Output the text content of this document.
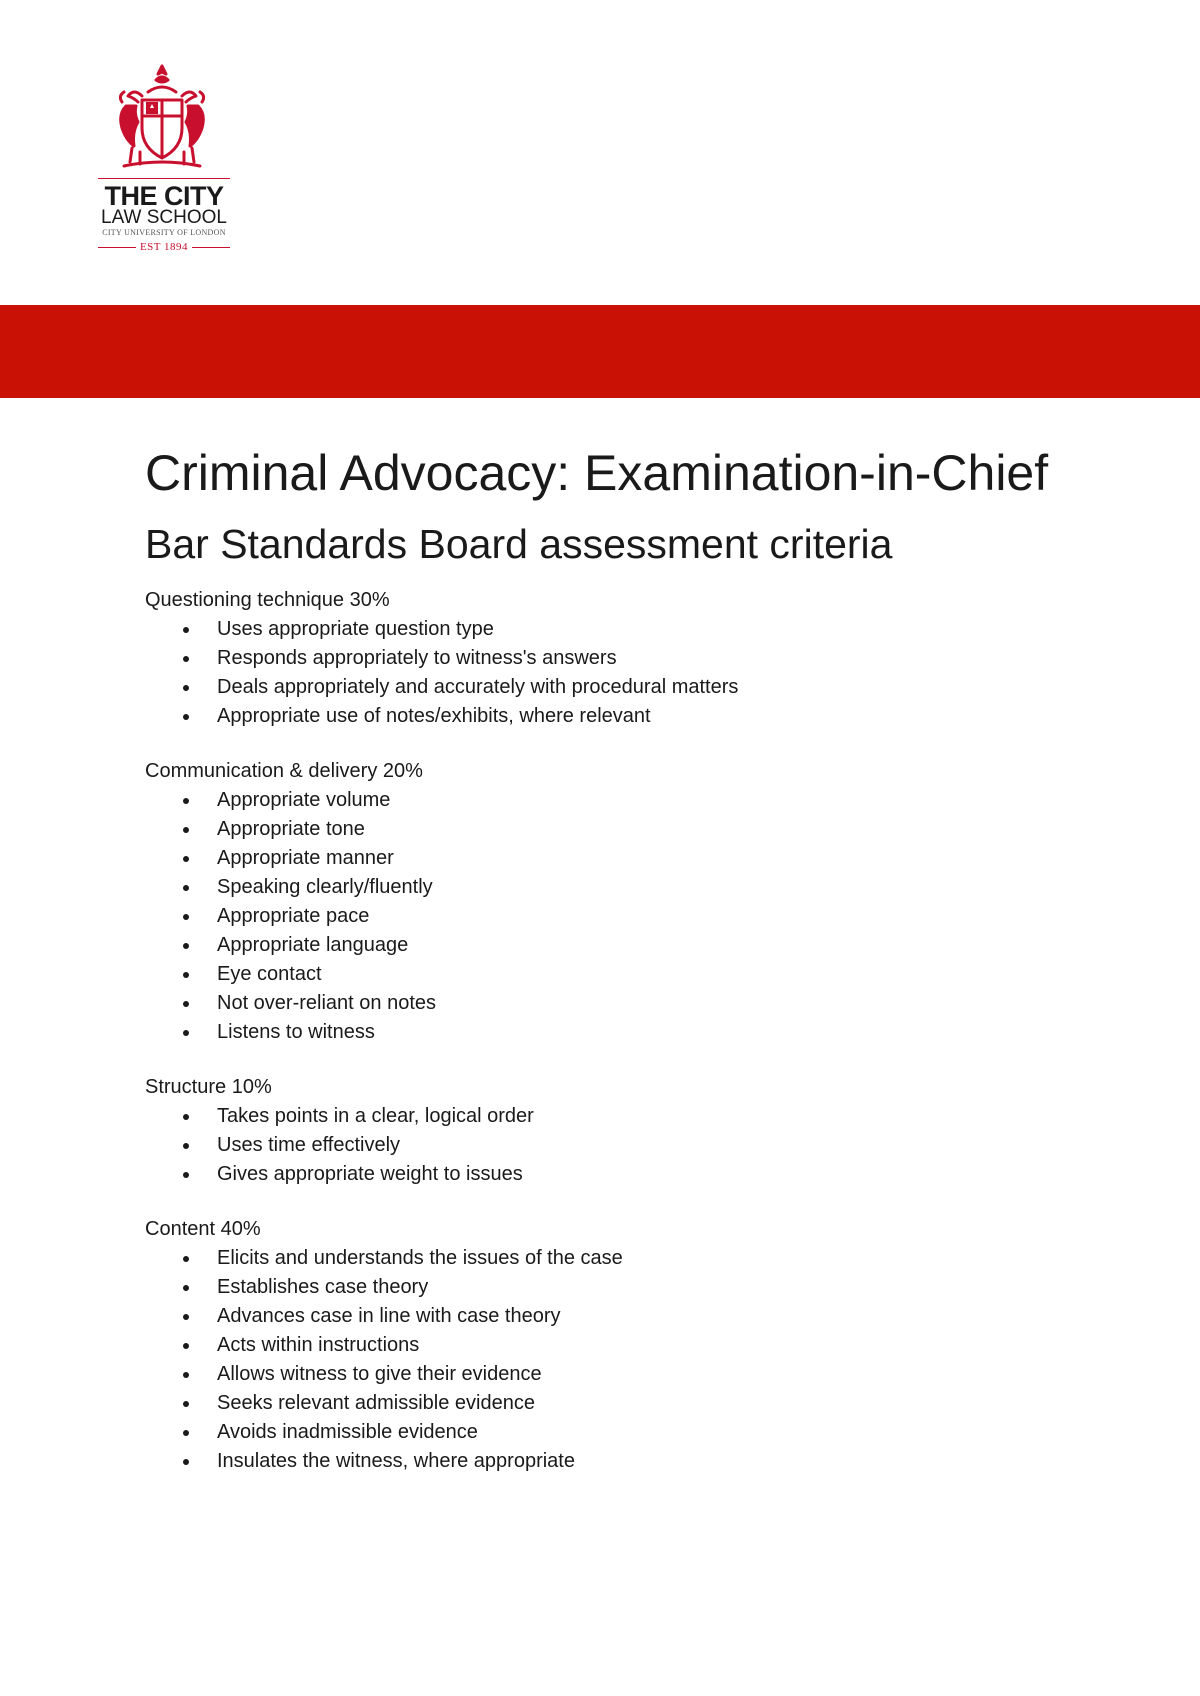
THE CITY
LAW SCHOOL
CITY UNIVERSITY OF LONDON
EST 1894
Criminal Advocacy: Examination-in-Chief
Bar Standards Board assessment criteria
Questioning technique 30%
Uses appropriate question type
Responds appropriately to witness's answers
Deals appropriately and accurately with procedural matters
Appropriate use of notes/exhibits, where relevant
Communication & delivery 20%
Appropriate volume
Appropriate tone
Appropriate manner
Speaking clearly/fluently
Appropriate pace
Appropriate language
Eye contact
Not over-reliant on notes
Listens to witness
Structure 10%
Takes points in a clear, logical order
Uses time effectively
Gives appropriate weight to issues
Content 40%
Elicits and understands the issues of the case
Establishes case theory
Advances case in line with case theory
Acts within instructions
Allows witness to give their evidence
Seeks relevant admissible evidence
Avoids inadmissible evidence
Insulates the witness, where appropriate
